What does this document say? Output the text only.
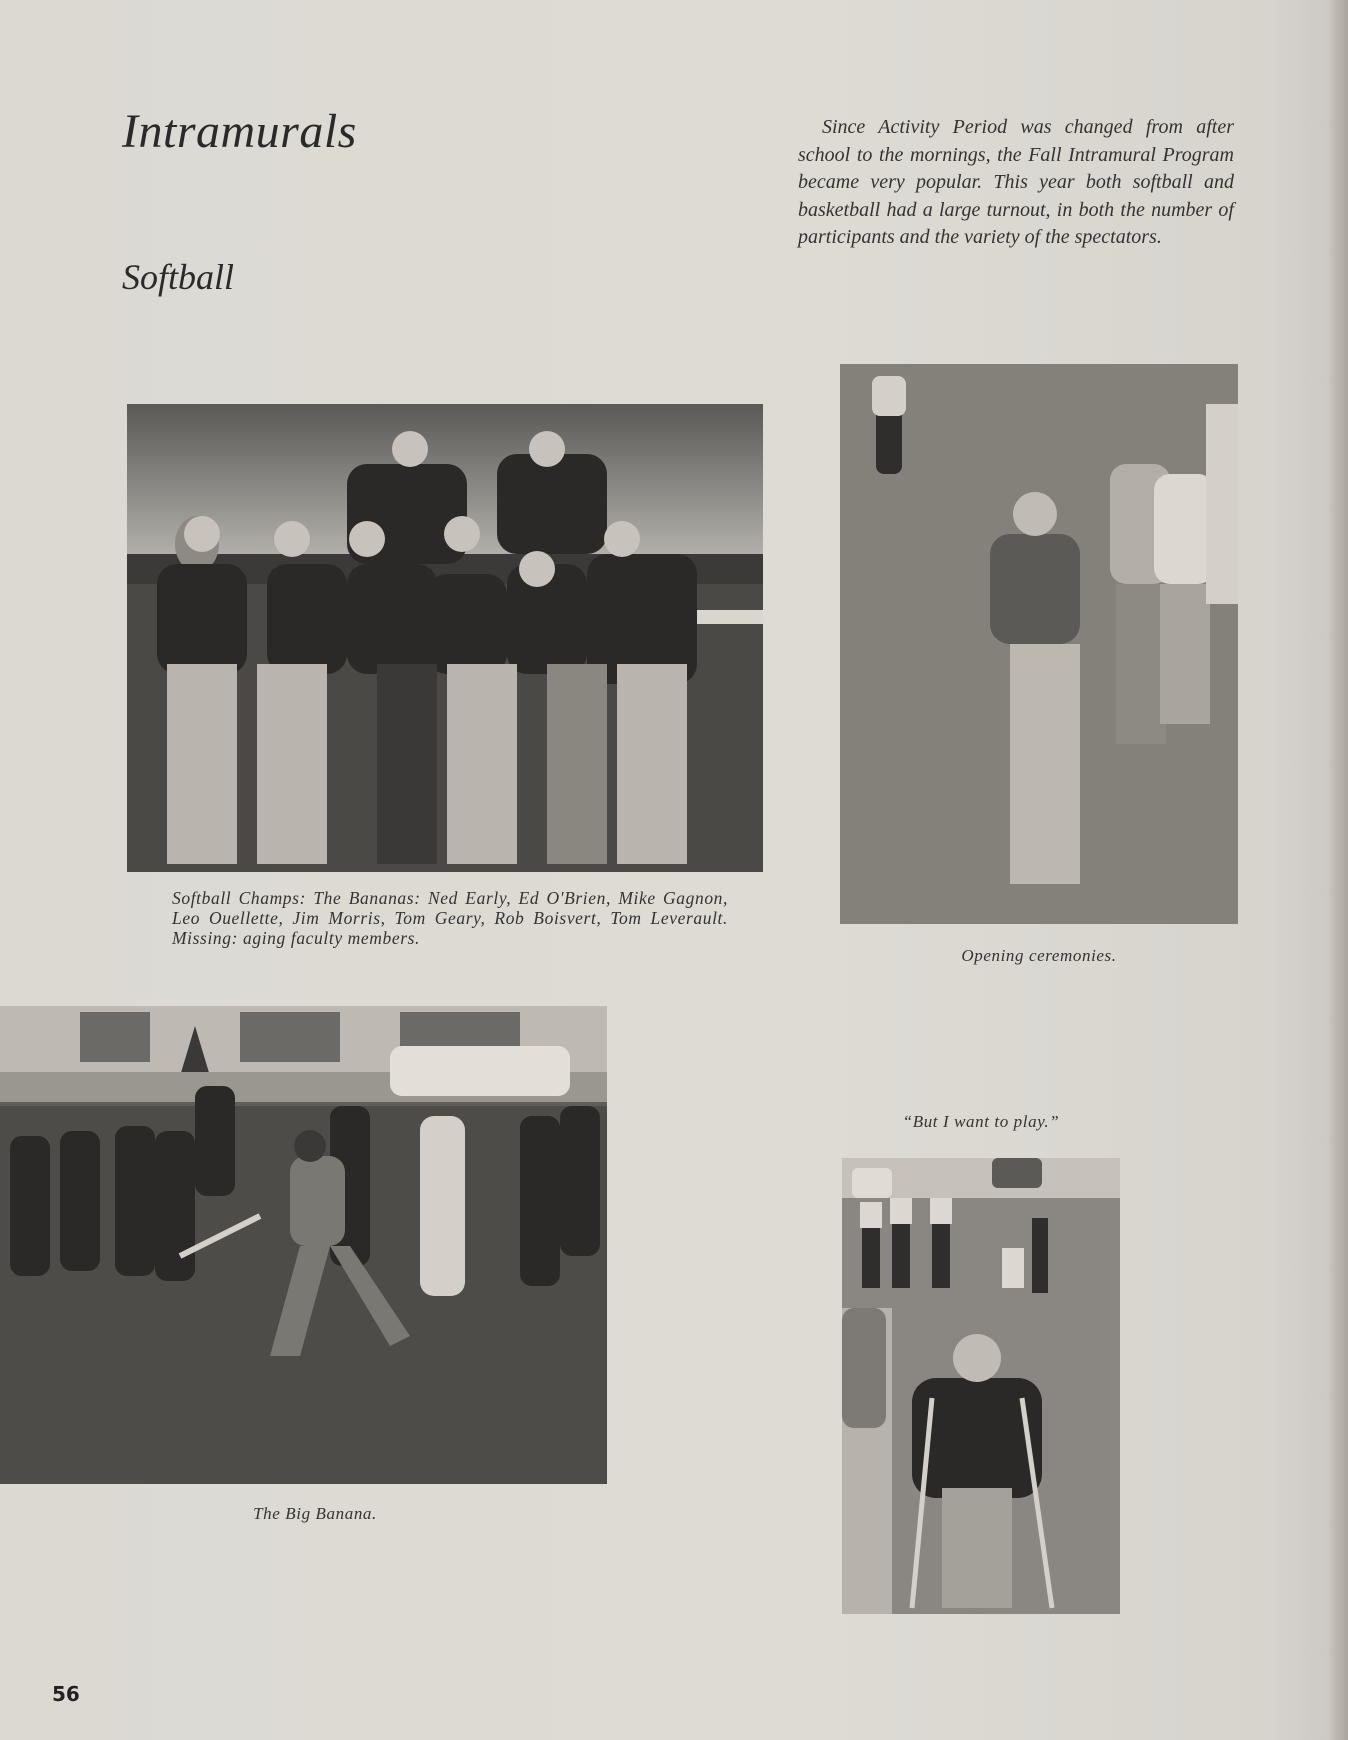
Intramurals
Softball

Since Activity Period was changed from after school to the mornings, the Fall Intramural Program became very popular. This year both softball and basketball had a large turnout, in both the number of participants and the variety of the spectators.

Softball Champs: The Bananas: Ned Early, Ed O'Brien, Mike Gagnon, Leo Ouellette, Jim Morris, Tom Geary, Rob Boisvert, Tom Leverault. Missing: aging faculty members.

Opening ceremonies.

The Big Banana.

“But I want to play.”

56
